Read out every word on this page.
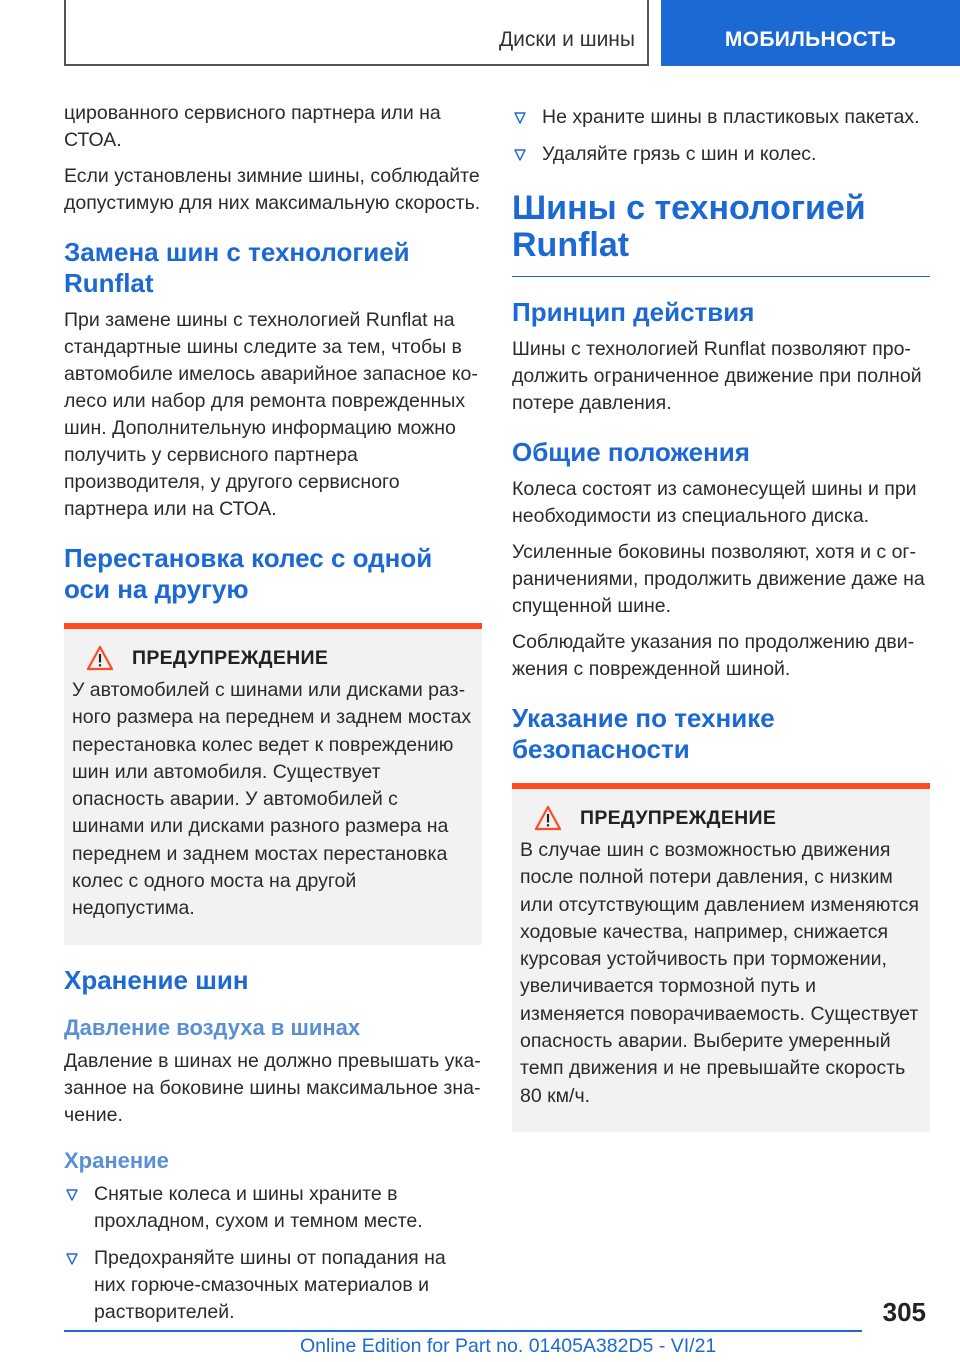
Диски и шины	МОБИЛЬНОСТЬ

цированного сервисного партнера или на СТОА.

Если установлены зимние шины, соблюдайте допустимую для них максимальную скорость.

Замена шин с технологией Runflat

При замене шины с технологией Runflat на стандартные шины следите за тем, чтобы в автомобиле имелось аварийное запасное колесо или набор для ремонта поврежденных шин. Дополнительную информацию можно получить у сервисного партнера производителя, у другого сервисного партнера или на СТОА.

Перестановка колес с одной оси на другую
ПРЕДУПРЕЖДЕНИЕ

У автомобилей с шинами или дисками разного размера на переднем и заднем мостах перестановка колес ведет к повреждению шин или автомобиля. Существует опасность аварии. У автомобилей с шинами или дисками разного размера на переднем и заднем мостах перестановка колес с одного моста на другой недопустима.

Хранение шин
Давление воздуха в шинах

Давление в шинах не должно превышать указанное на боковине шины максимальное значение.

Хранение
Снятые колеса и шины храните в прохладном, сухом и темном месте.
Предохраняйте шины от попадания на них горюче-смазочных материалов и растворителей.
Не храните шины в пластиковых пакетах.
Удаляйте грязь с шин и колес.
Шины с технологией Runflat
Принцип действия

Шины с технологией Runflat позволяют продолжить ограниченное движение при полной потере давления.

Общие положения

Колеса состоят из самонесущей шины и при необходимости из специального диска.

Усиленные боковины позволяют, хотя и с ограничениями, продолжить движение даже на спущенной шине.

Соблюдайте указания по продолжению движения с поврежденной шиной.

Указание по технике безопасности
ПРЕДУПРЕЖДЕНИЕ

В случае шин с возможностью движения после полной потери давления, с низким или отсутствующим давлением изменяются ходовые качества, например, снижается курсовая устойчивость при торможении, увеличивается тормозной путь и изменяется поворачиваемость. Существует опасность аварии. Выберите умеренный темп движения и не превышайте скорость 80 км/ч.

305
Online Edition for Part no. 01405A382D5 - VI/21
